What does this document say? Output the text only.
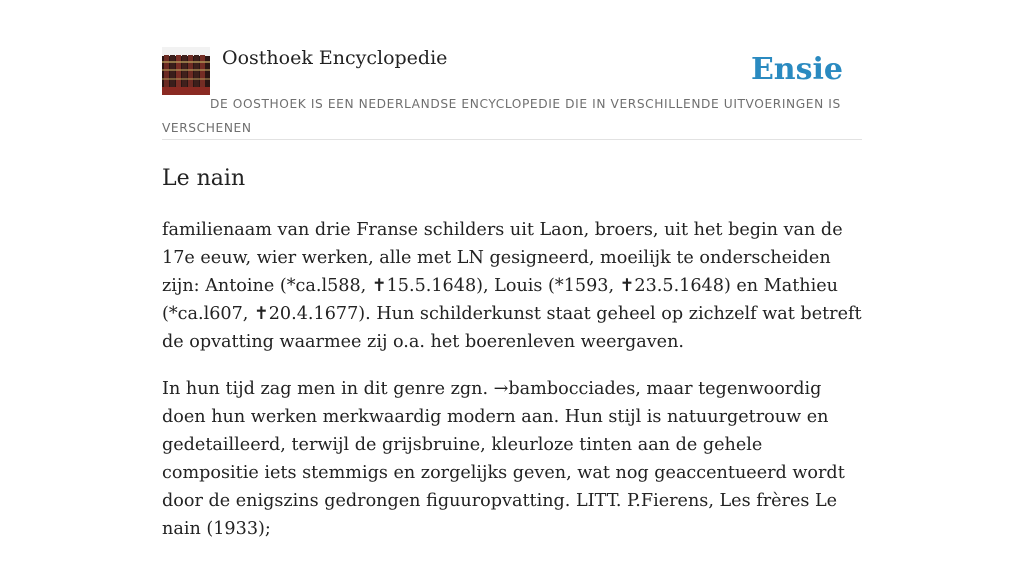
Oosthoek Encyclopedie	Ensie
DE OOSTHOEK IS EEN NEDERLANDSE ENCYCLOPEDIE DIE IN VERSCHILLENDE UITVOERINGEN IS VERSCHENEN
Le nain

familienaam van drie Franse schilders uit Laon, broers, uit het begin van de 17e eeuw, wier werken, alle met LN gesigneerd, moeilijk te onderscheiden zijn: Antoine (*ca.l588, ✝15.5.1648), Louis (*1593, ✝23.5.1648) en Mathieu (*ca.l607, ✝20.4.1677). Hun schilderkunst staat geheel op zichzelf wat betreft de opvatting waarmee zij o.a. het boerenleven weergaven.

In hun tijd zag men in dit genre zgn. →bambocciades, maar tegenwoordig doen hun werken merkwaardig modern aan. Hun stijl is natuurgetrouw en gedetailleerd, terwijl de grijsbruine, kleurloze tinten aan de gehele compositie iets stemmigs en zorgelijks geven, wat nog geaccentueerd wordt door de enigszins gedrongen figuuropvatting. LITT. P.Fierens, Les frères Le nain (1933);
